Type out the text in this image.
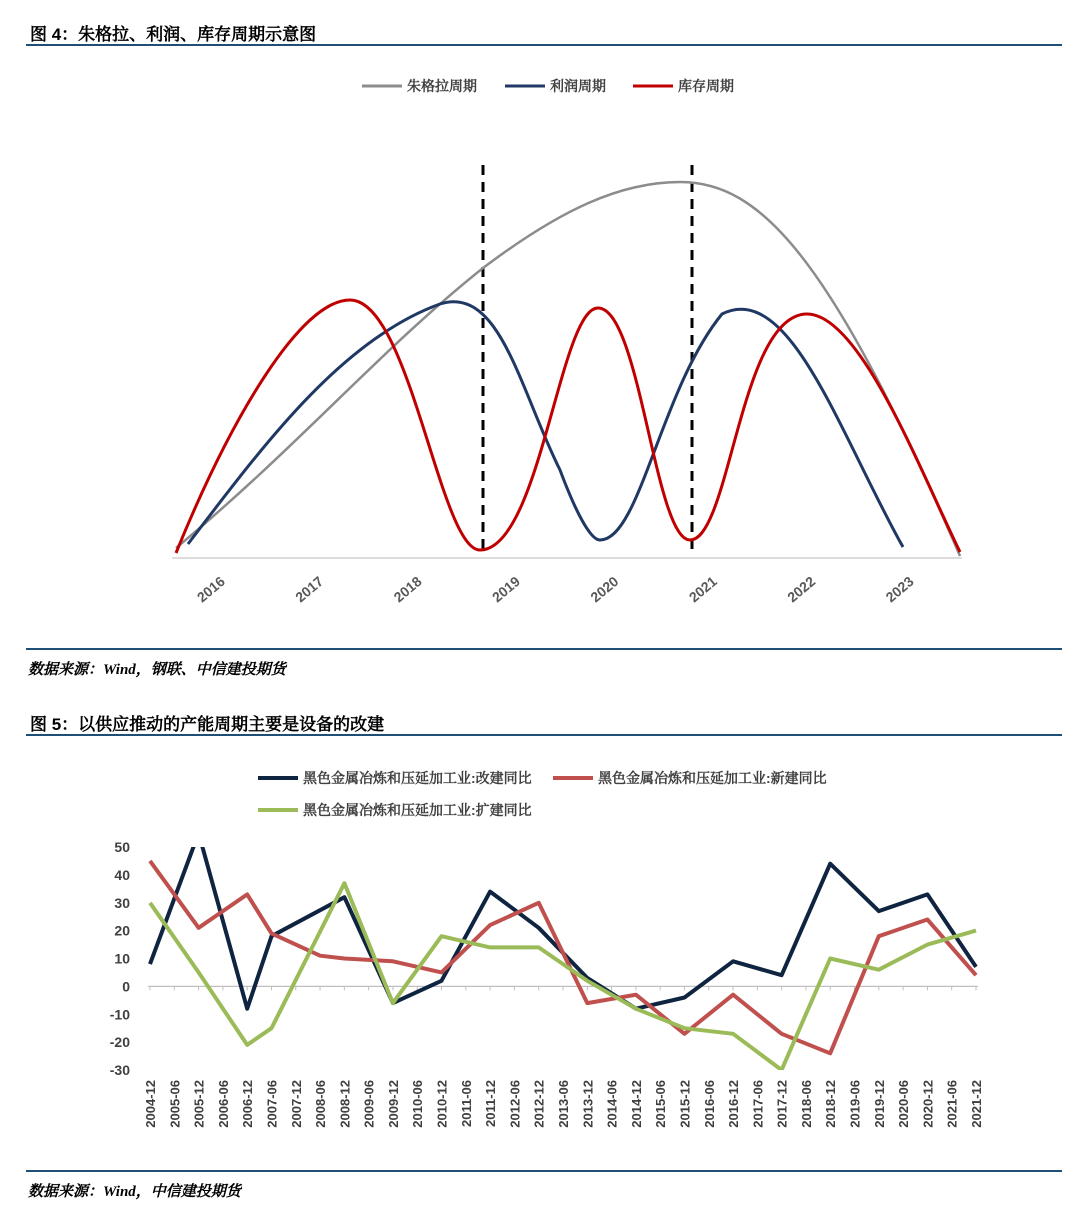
图 4：朱格拉、利润、库存周期示意图
朱格拉周期	利润周期	库存周期
2016	2017	2018	2019	2020	2021	2022	2023
数据来源：Wind，钢联、中信建投期货
图 5：以供应推动的产能周期主要是设备的改建
黑色金属冶炼和压延加工业:改建同比	黑色金属冶炼和压延加工业:新建同比
黑色金属冶炼和压延加工业:扩建同比
50
40
30
20
10
0
-10
-20
-30
2004-12 2005-06 2005-12 2006-06 2006-12 2007-06 2007-12 2008-06 2008-12 2009-06 2009-12 2010-06 2010-12 2011-06 2011-12 2012-06 2012-12 2013-06 2013-12 2014-06 2014-12 2015-06 2015-12 2016-06 2016-12 2017-06 2017-12 2018-06 2018-12 2019-06 2019-12 2020-06 2020-12 2021-06 2021-12
数据来源：Wind，中信建投期货
